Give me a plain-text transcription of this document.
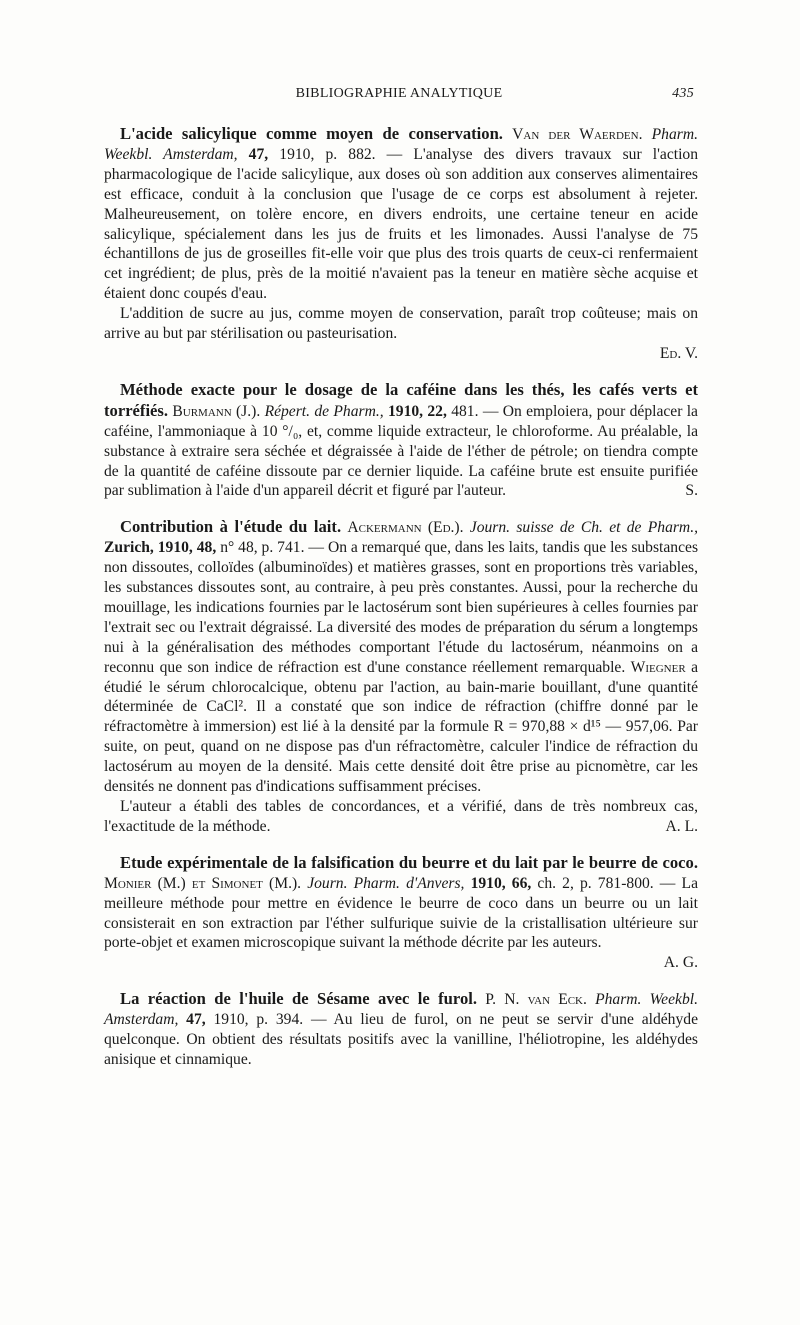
BIBLIOGRAPHIE ANALYTIQUE	435

L'acide salicylique comme moyen de conservation. Van der Waerden. Pharm. Weekbl. Amsterdam, 47, 1910, p. 882. — L'analyse des divers travaux sur l'action pharmacologique de l'acide salicylique, aux doses où son addition aux conserves alimentaires est efficace, conduit à la conclusion que l'usage de ce corps est absolument à rejeter. Malheureusement, on tolère encore, en divers endroits, une certaine teneur en acide salicylique, spécialement dans les jus de fruits et les limonades. Aussi l'analyse de 75 échantillons de jus de groseilles fit-elle voir que plus des trois quarts de ceux-ci renfermaient cet ingrédient; de plus, près de la moitié n'avaient pas la teneur en matière sèche acquise et étaient donc coupés d'eau.

L'addition de sucre au jus, comme moyen de conservation, paraît trop coûteuse; mais on arrive au but par stérilisation ou pasteurisation.

Ed. V.

Méthode exacte pour le dosage de la caféine dans les thés, les cafés verts et torréfiés. Burmann (J.). Répert. de Pharm., 1910, 22, 481. — On emploiera, pour déplacer la caféine, l'ammoniaque à 10 °/₀, et, comme liquide extracteur, le chloroforme. Au préalable, la substance à extraire sera séchée et dégraissée à l'aide de l'éther de pétrole; on tiendra compte de la quantité de caféine dissoute par ce dernier liquide. La caféine brute est ensuite purifiée par sublimation à l'aide d'un appareil décrit et figuré par l'auteur.	S.

Contribution à l'étude du lait. Ackermann (Ed.). Journ. suisse de Ch. et de Pharm., Zurich, 1910, 48, n° 48, p. 741. — On a remarqué que, dans les laits, tandis que les substances non dissoutes, colloïdes (albuminoïdes) et matières grasses, sont en proportions très variables, les substances dissoutes sont, au contraire, à peu près constantes. Aussi, pour la recherche du mouillage, les indications fournies par le lactosérum sont bien supérieures à celles fournies par l'extrait sec ou l'extrait dégraissé. La diversité des modes de préparation du sérum a longtemps nui à la généralisation des méthodes comportant l'étude du lactosérum, néanmoins on a reconnu que son indice de réfraction est d'une constance réellement remarquable. Wiegner a étudié le sérum chlorocalcique, obtenu par l'action, au bain-marie bouillant, d'une quantité déterminée de CaCl². Il a constaté que son indice de réfraction (chiffre donné par le réfractomètre à immersion) est lié à la densité par la formule R = 970,88 × d¹⁵ — 957,06. Par suite, on peut, quand on ne dispose pas d'un réfractomètre, calculer l'indice de réfraction du lactosérum au moyen de la densité. Mais cette densité doit être prise au picnomètre, car les densités ne donnent pas d'indications suffisamment précises.

L'auteur a établi des tables de concordances, et a vérifié, dans de très nombreux cas, l'exactitude de la méthode.	A. L.

Etude expérimentale de la falsification du beurre et du lait par le beurre de coco. Monier (M.) et Simonet (M.). Journ. Pharm. d'Anvers, 1910, 66, ch. 2, p. 781-800. — La meilleure méthode pour mettre en évidence le beurre de coco dans un beurre ou un lait consisterait en son extraction par l'éther sulfurique suivie de la cristallisation ultérieure sur porte-objet et examen microscopique suivant la méthode décrite par les auteurs.

A. G.

La réaction de l'huile de Sésame avec le furol. P. N. van Eck. Pharm. Weekbl. Amsterdam, 47, 1910, p. 394. — Au lieu de furol, on ne peut se servir d'une aldéhyde quelconque. On obtient des résultats positifs avec la vanilline, l'héliotropine, les aldéhydes anisique et cinnamique.
